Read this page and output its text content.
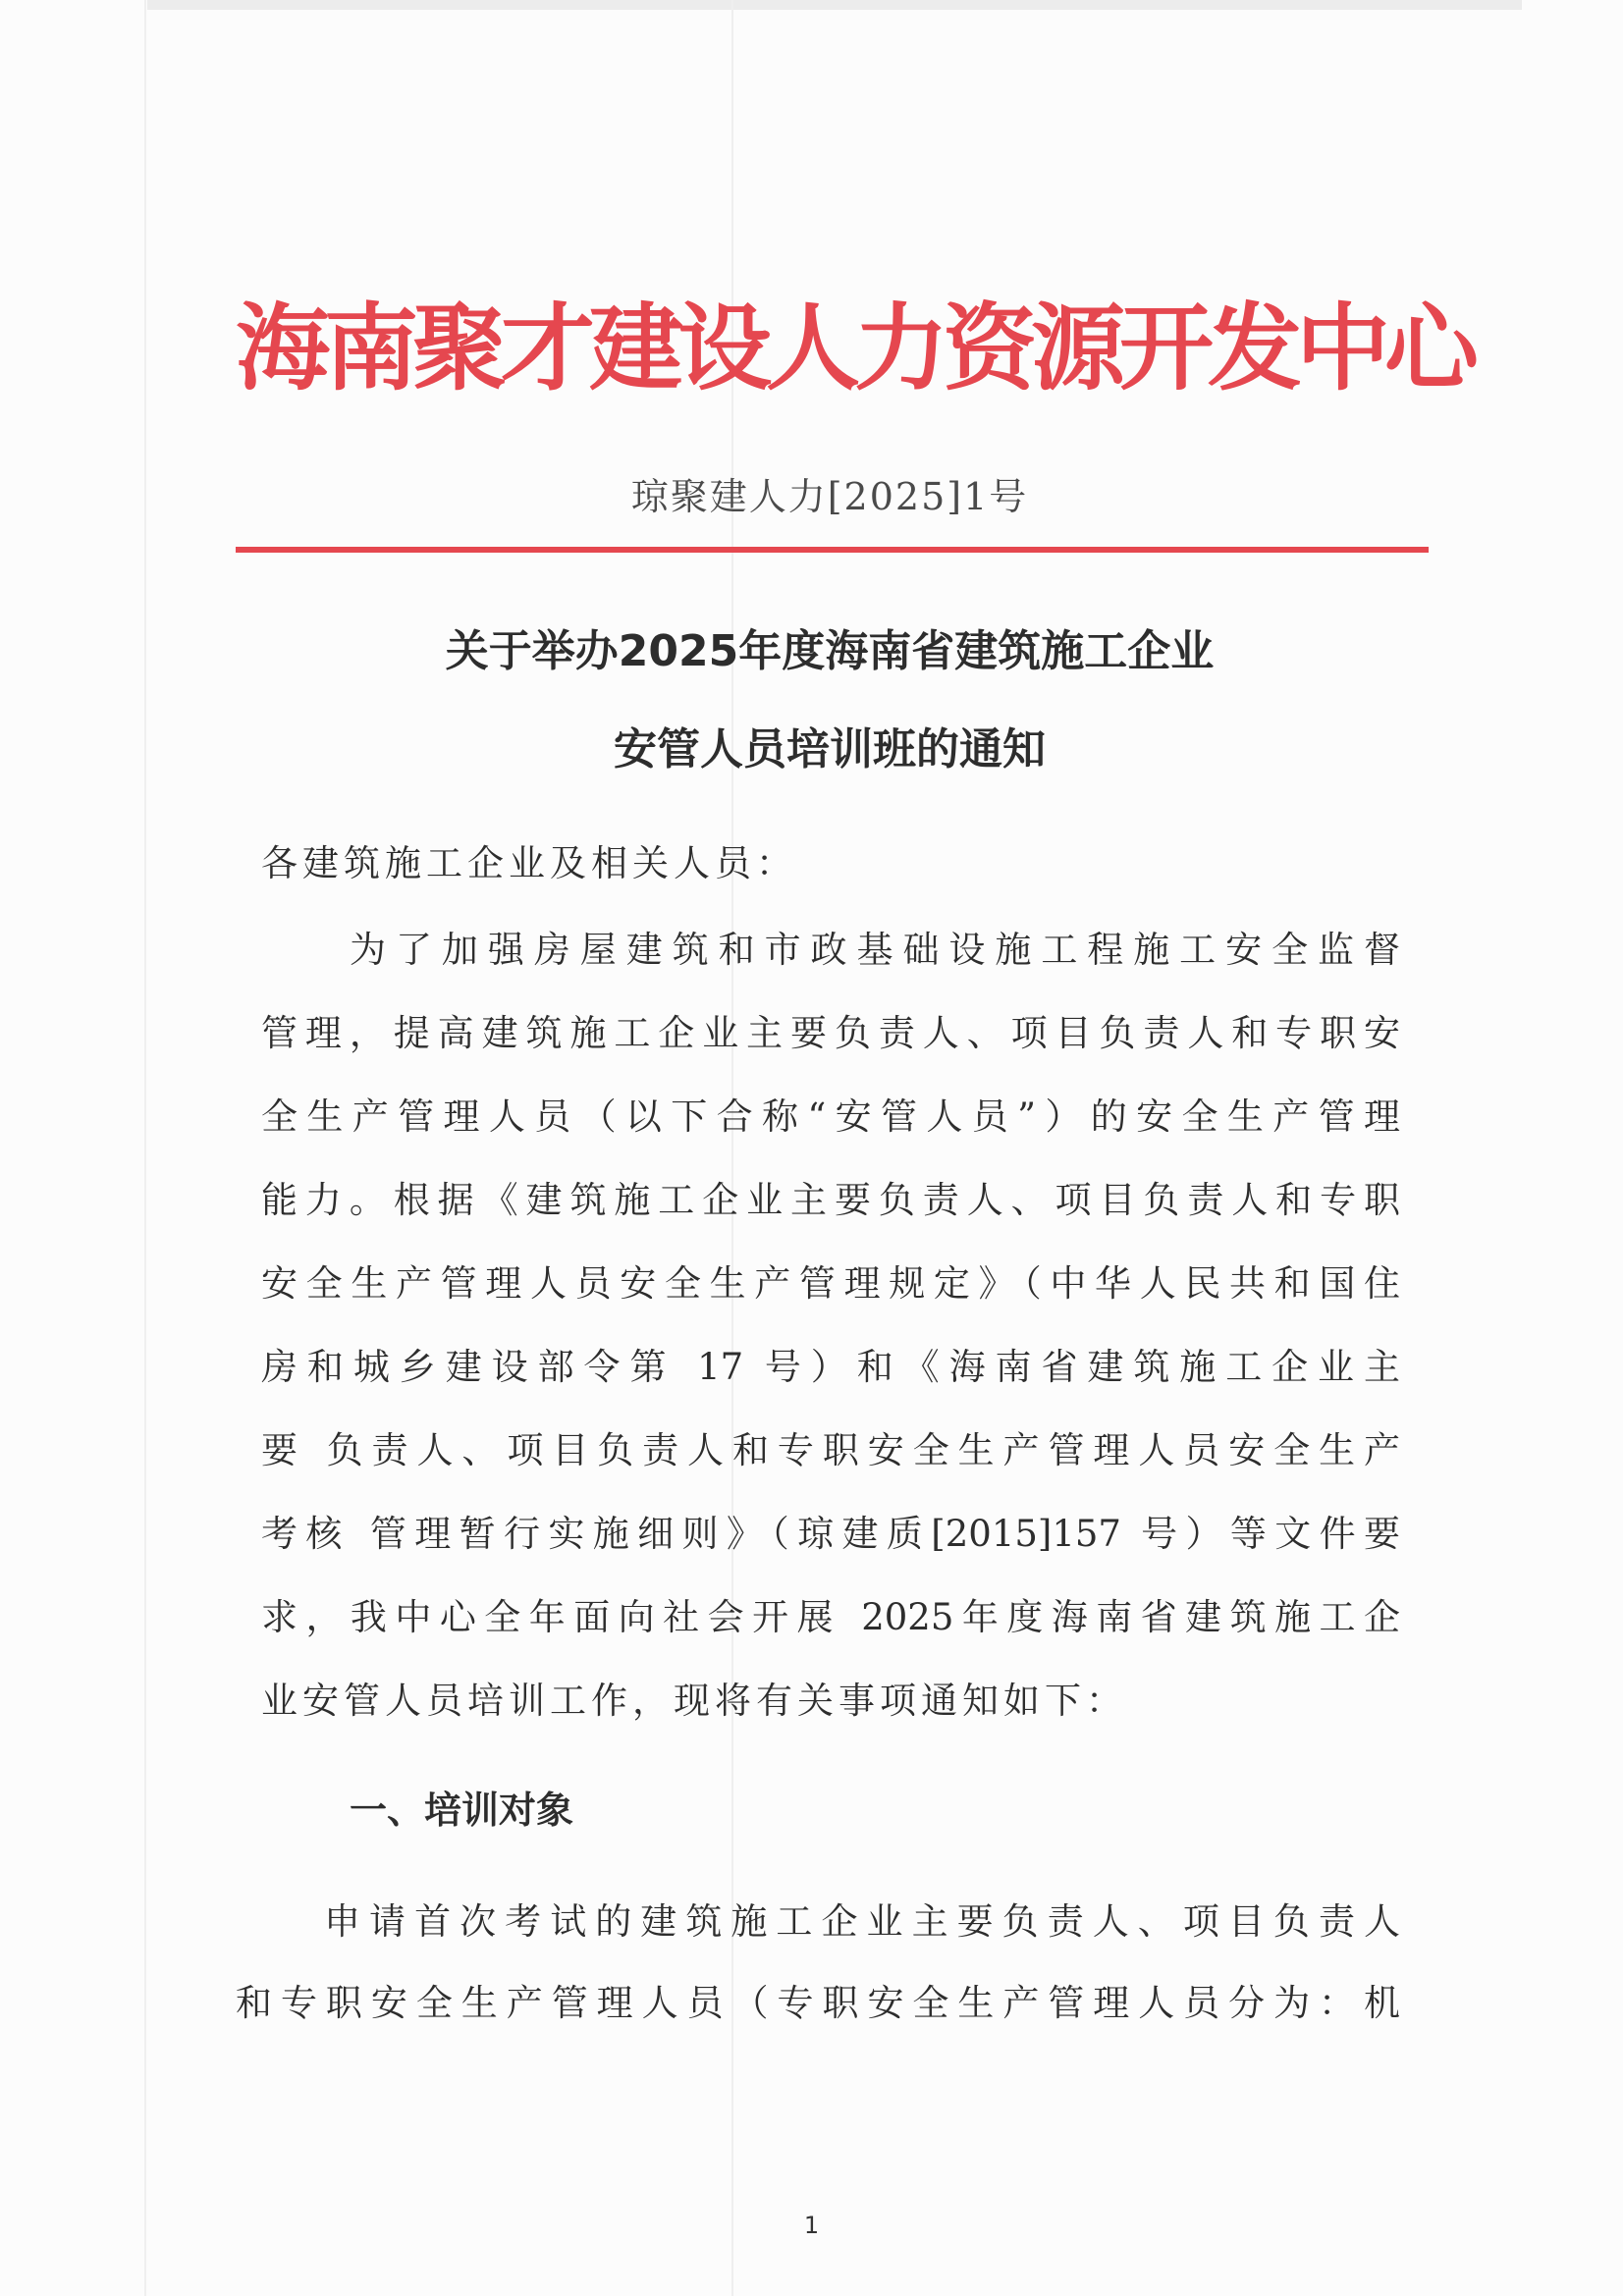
海南聚才建设人力资源开发中心
琼聚建人力[2025]1号
关于举办2025年度海南省建筑施工企业
安管人员培训班的通知
各建筑施工企业及相关人员：
为了加强房屋建筑和市政基础设施工程施工安全监督
管理，提高建筑施工企业主要负责人、项目负责人和专职安
全生产管理人员（以下合称“安管人员”）的安全生产管理
能力。根据《建筑施工企业主要负责人、项目负责人和专职
安全生产管理人员安全生产管理规定》（中华人民共和国住
房和城乡建设部令第 17 号）和《海南省建筑施工企业主
要 负责人、项目负责人和专职安全生产管理人员安全生产
考核 管理暂行实施细则》（琼建质[2015]157 号）等文件要
求，我中心全年面向社会开展 2025年度海南省建筑施工企
业安管人员培训工作，现将有关事项通知如下：
一、培训对象
申请首次考试的建筑施工企业主要负责人、项目负责人
和专职安全生产管理人员（专职安全生产管理人员分为：机
1
